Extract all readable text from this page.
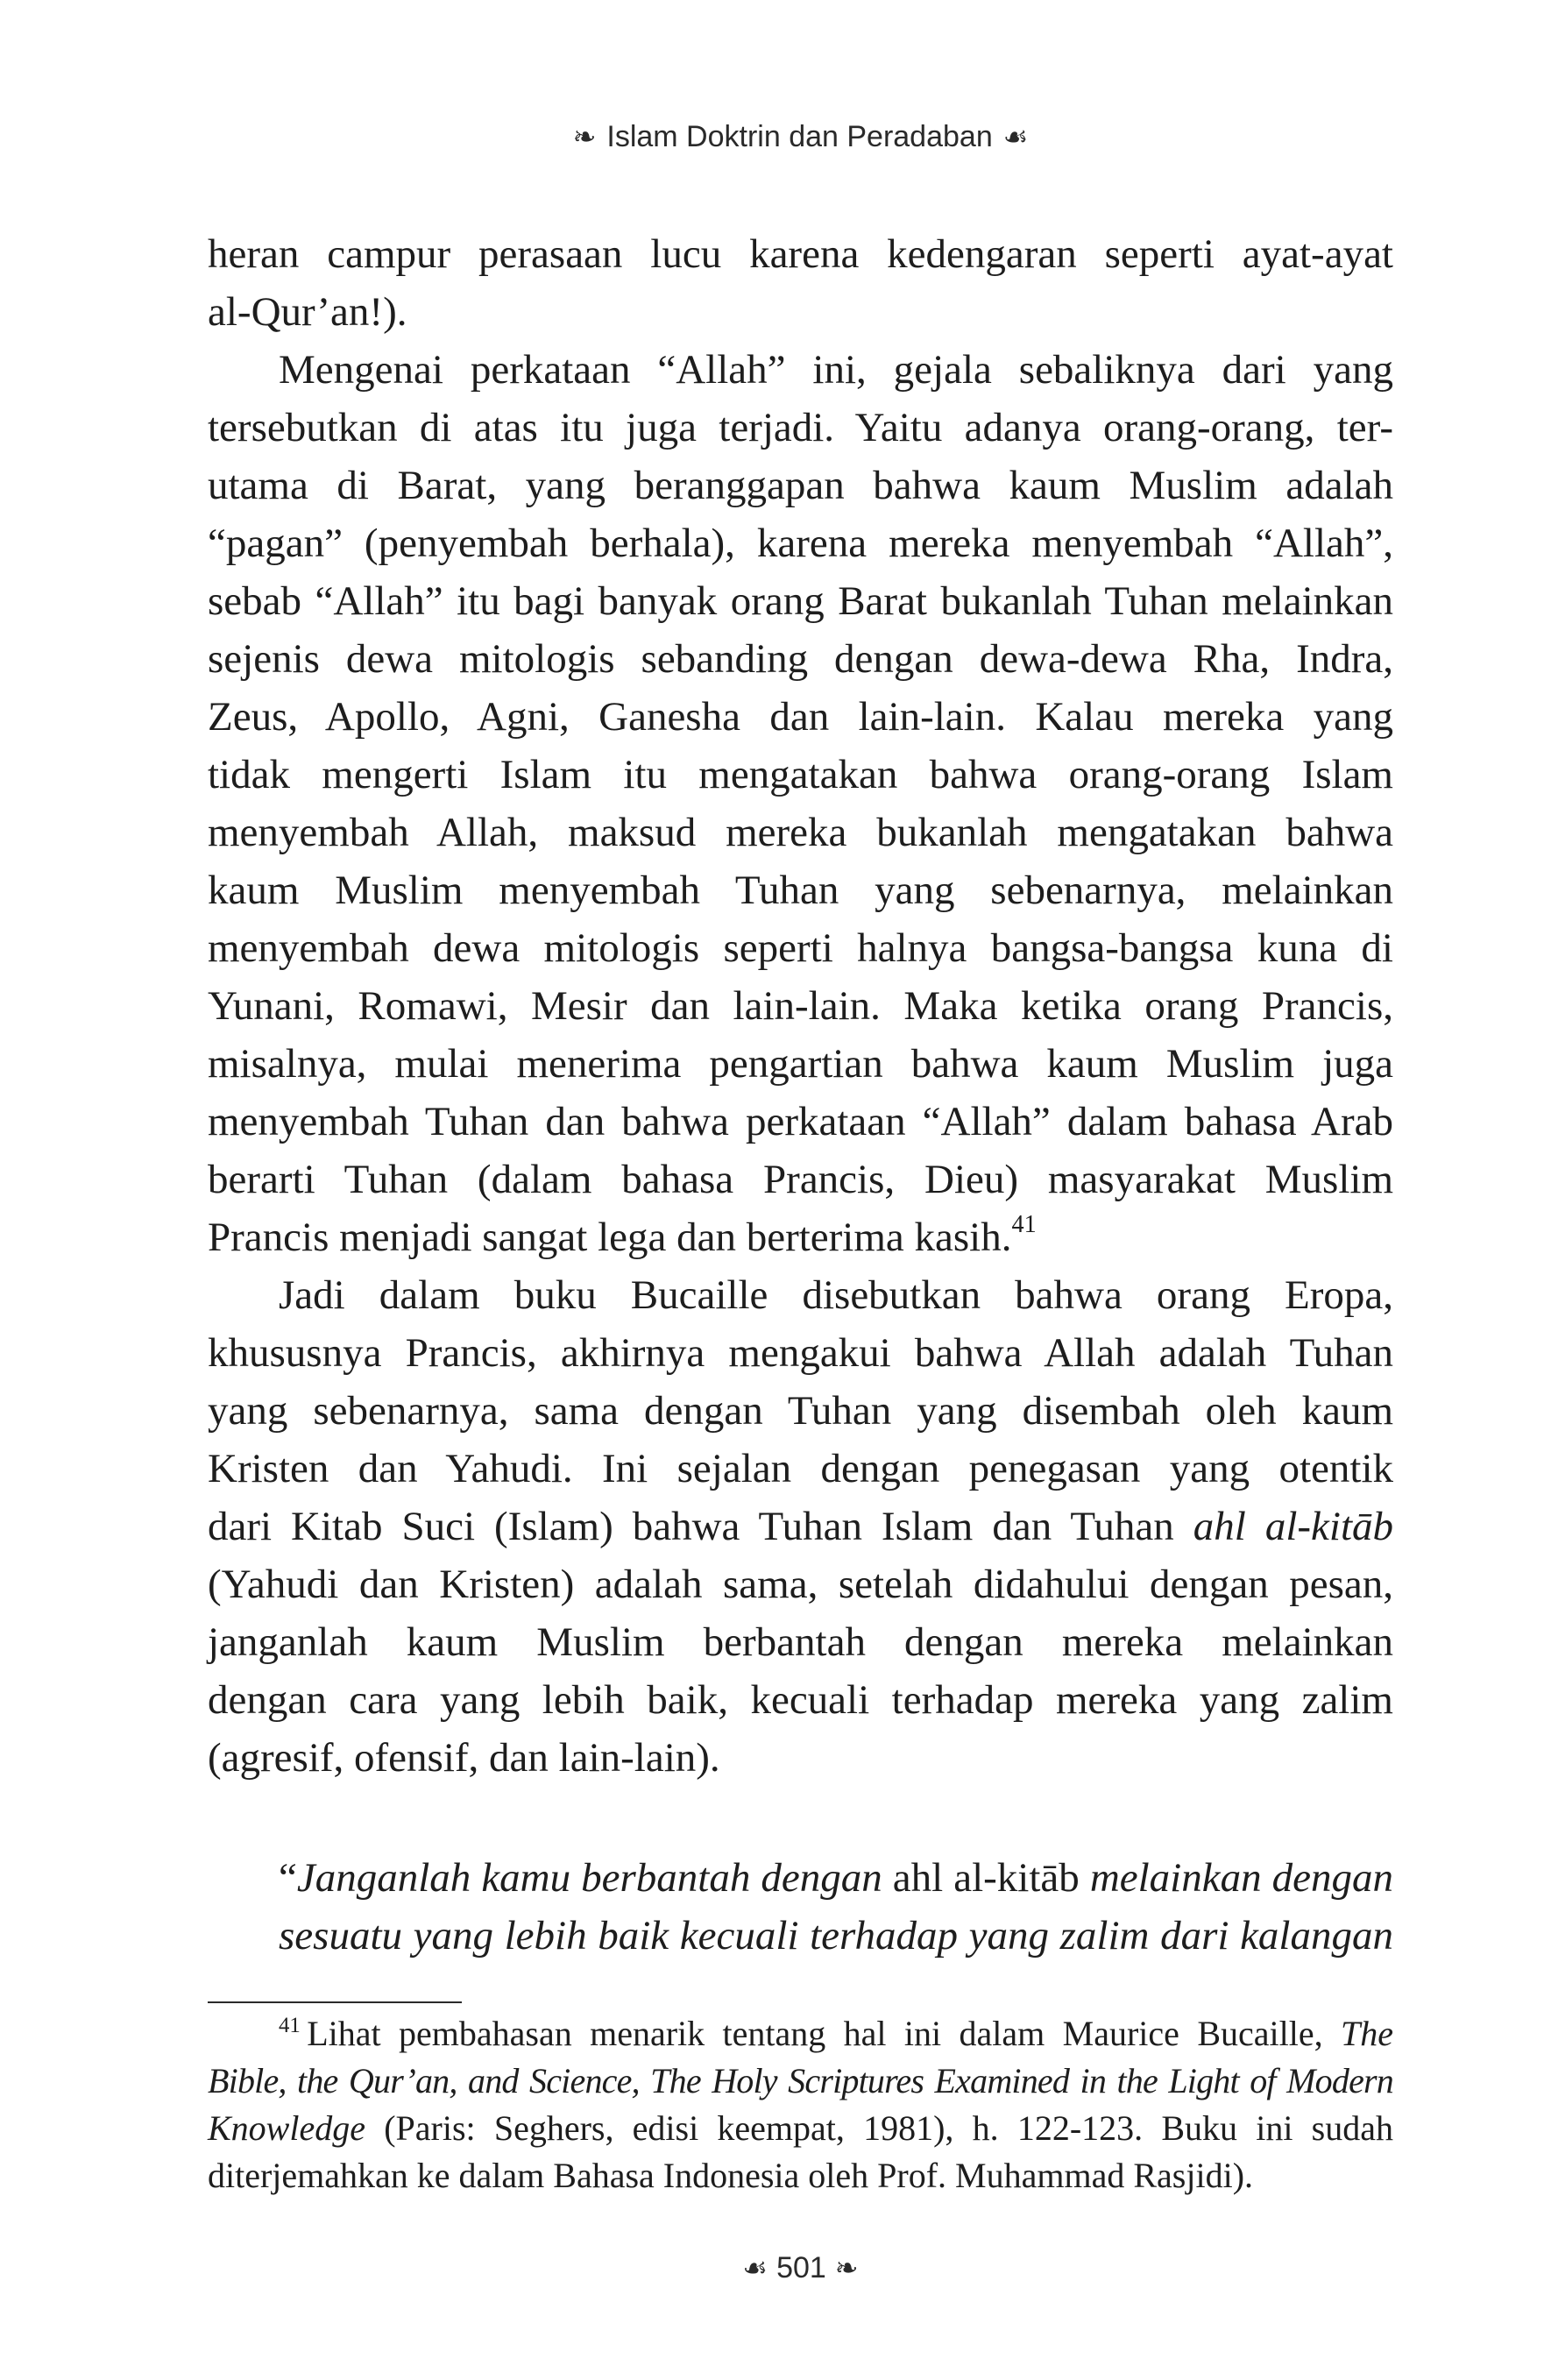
❧ Islam Doktrin dan Peradaban ☙
heran campur perasaan lucu karena kedengaran seperti ayat-ayat
al-Qur’an!).
Mengenai perkataan “Allah” ini, gejala sebaliknya dari yang
tersebutkan di atas itu juga terjadi. Yaitu adanya orang-orang, ter-
utama di Barat, yang beranggapan bahwa kaum Muslim adalah
“pagan” (penyembah berhala), karena mereka menyembah “Allah”,
sebab “Allah” itu bagi banyak orang Barat bukanlah Tuhan melainkan
sejenis dewa mitologis sebanding dengan dewa-dewa Rha, Indra,
Zeus, Apollo, Agni, Ganesha dan lain-lain. Kalau mereka yang
tidak mengerti Islam itu mengatakan bahwa orang-orang Islam
menyembah Allah, maksud mereka bukanlah mengatakan bahwa
kaum Muslim menyembah Tuhan yang sebenarnya, melainkan
menyembah dewa mitologis seperti halnya bangsa-bangsa kuna di
Yunani, Romawi, Mesir dan lain-lain. Maka ketika orang Prancis,
misalnya, mulai menerima pengartian bahwa kaum Muslim juga
menyembah Tuhan dan bahwa perkataan “Allah” dalam bahasa Arab
berarti Tuhan (dalam bahasa Prancis, Dieu) masyarakat Muslim
Prancis menjadi sangat lega dan berterima kasih.$^{41}$
Jadi dalam buku Bucaille disebutkan bahwa orang Eropa,
khususnya Prancis, akhirnya mengakui bahwa Allah adalah Tuhan
yang sebenarnya, sama dengan Tuhan yang disembah oleh kaum
Kristen dan Yahudi. Ini sejalan dengan penegasan yang otentik
dari Kitab Suci (Islam) bahwa Tuhan Islam dan Tuhan ahl al-kitāb
(Yahudi dan Kristen) adalah sama, setelah didahului dengan pesan,
janganlah kaum Muslim berbantah dengan mereka melainkan
dengan cara yang lebih baik, kecuali terhadap mereka yang zalim
(agresif, ofensif, dan lain-lain).
“Janganlah kamu berbantah dengan ahl al-kitāb melainkan dengan
sesuatu yang lebih baik kecuali terhadap yang zalim dari kalangan
$^{41}$ Lihat pembahasan menarik tentang hal ini dalam Maurice Bucaille, The
Bible, the Qur’an, and Science, The Holy Scriptures Examined in the Light of Modern
Knowledge (Paris: Seghers, edisi keempat, 1981), h. 122-123. Buku ini sudah
diterjemahkan ke dalam Bahasa Indonesia oleh Prof. Muhammad Rasjidi).
☙ 501 ❧
